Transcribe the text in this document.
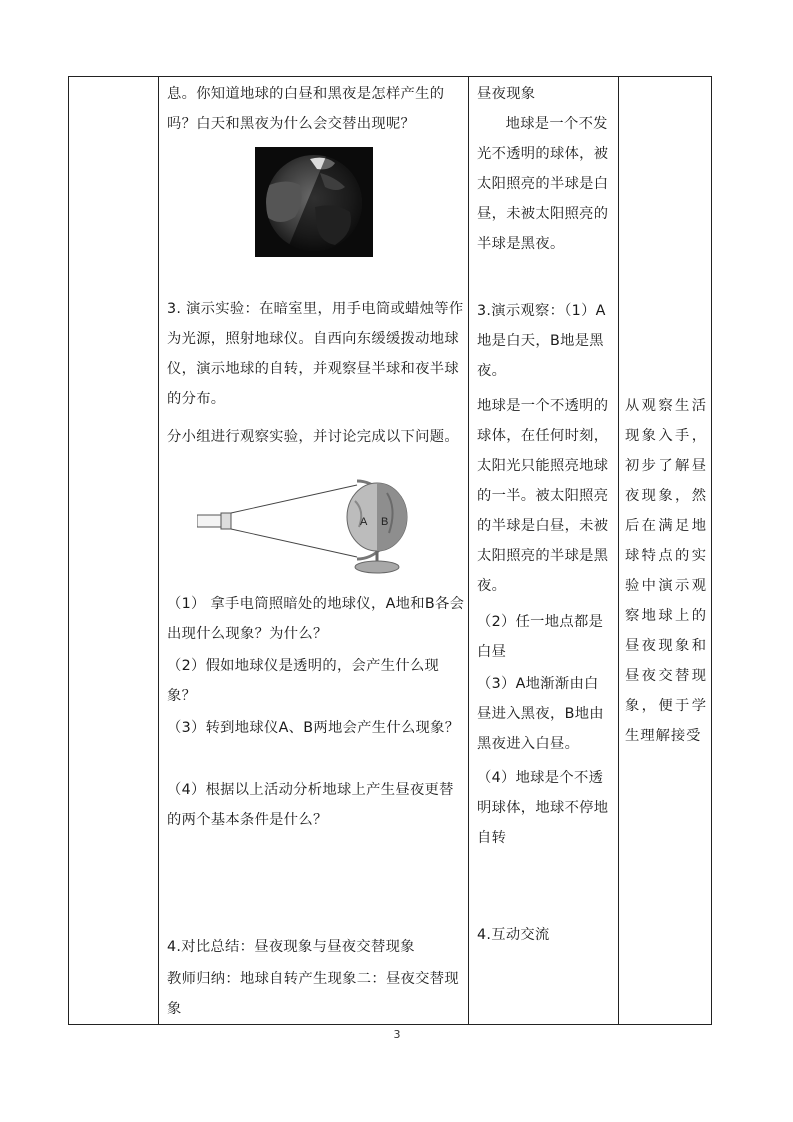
息。你知道地球的白昼和黑夜是怎样产生的吗？白天和黑夜为什么会交替出现呢？
3. 演示实验：在暗室里，用手电筒或蜡烛等作为光源，照射地球仪。自西向东缓缓拨动地球仪，演示地球的自转，并观察昼半球和夜半球的分布。
分小组进行观察实验，并讨论完成以下问题。
A B
（1） 拿手电筒照暗处的地球仪，A地和B各会出现什么现象？为什么？
（2）假如地球仪是透明的，会产生什么现象？
（3）转到地球仪A、B两地会产生什么现象？
（4）根据以上活动分析地球上产生昼夜更替的两个基本条件是什么？
4.对比总结：昼夜现象与昼夜交替现象
教师归纳：地球自转产生现象二：昼夜交替现象

昼夜现象
地球是一个不发光不透明的球体，被太阳照亮的半球是白昼，未被太阳照亮的半球是黑夜。
3.演示观察：（1）A地是白天，B地是黑夜。
地球是一个不透明的球体，在任何时刻，太阳光只能照亮地球的一半。被太阳照亮的半球是白昼，未被太阳照亮的半球是黑夜。
（2）任一地点都是白昼
（3）A地渐渐由白昼进入黑夜，B地由黑夜进入白昼。
（4）地球是个不透明球体，地球不停地自转
4.互动交流

从观察生活现象入手，初步了解昼夜现象，然后在满足地球特点的实验中演示观察地球上的昼夜现象和昼夜交替现象，便于学生理解接受
3
